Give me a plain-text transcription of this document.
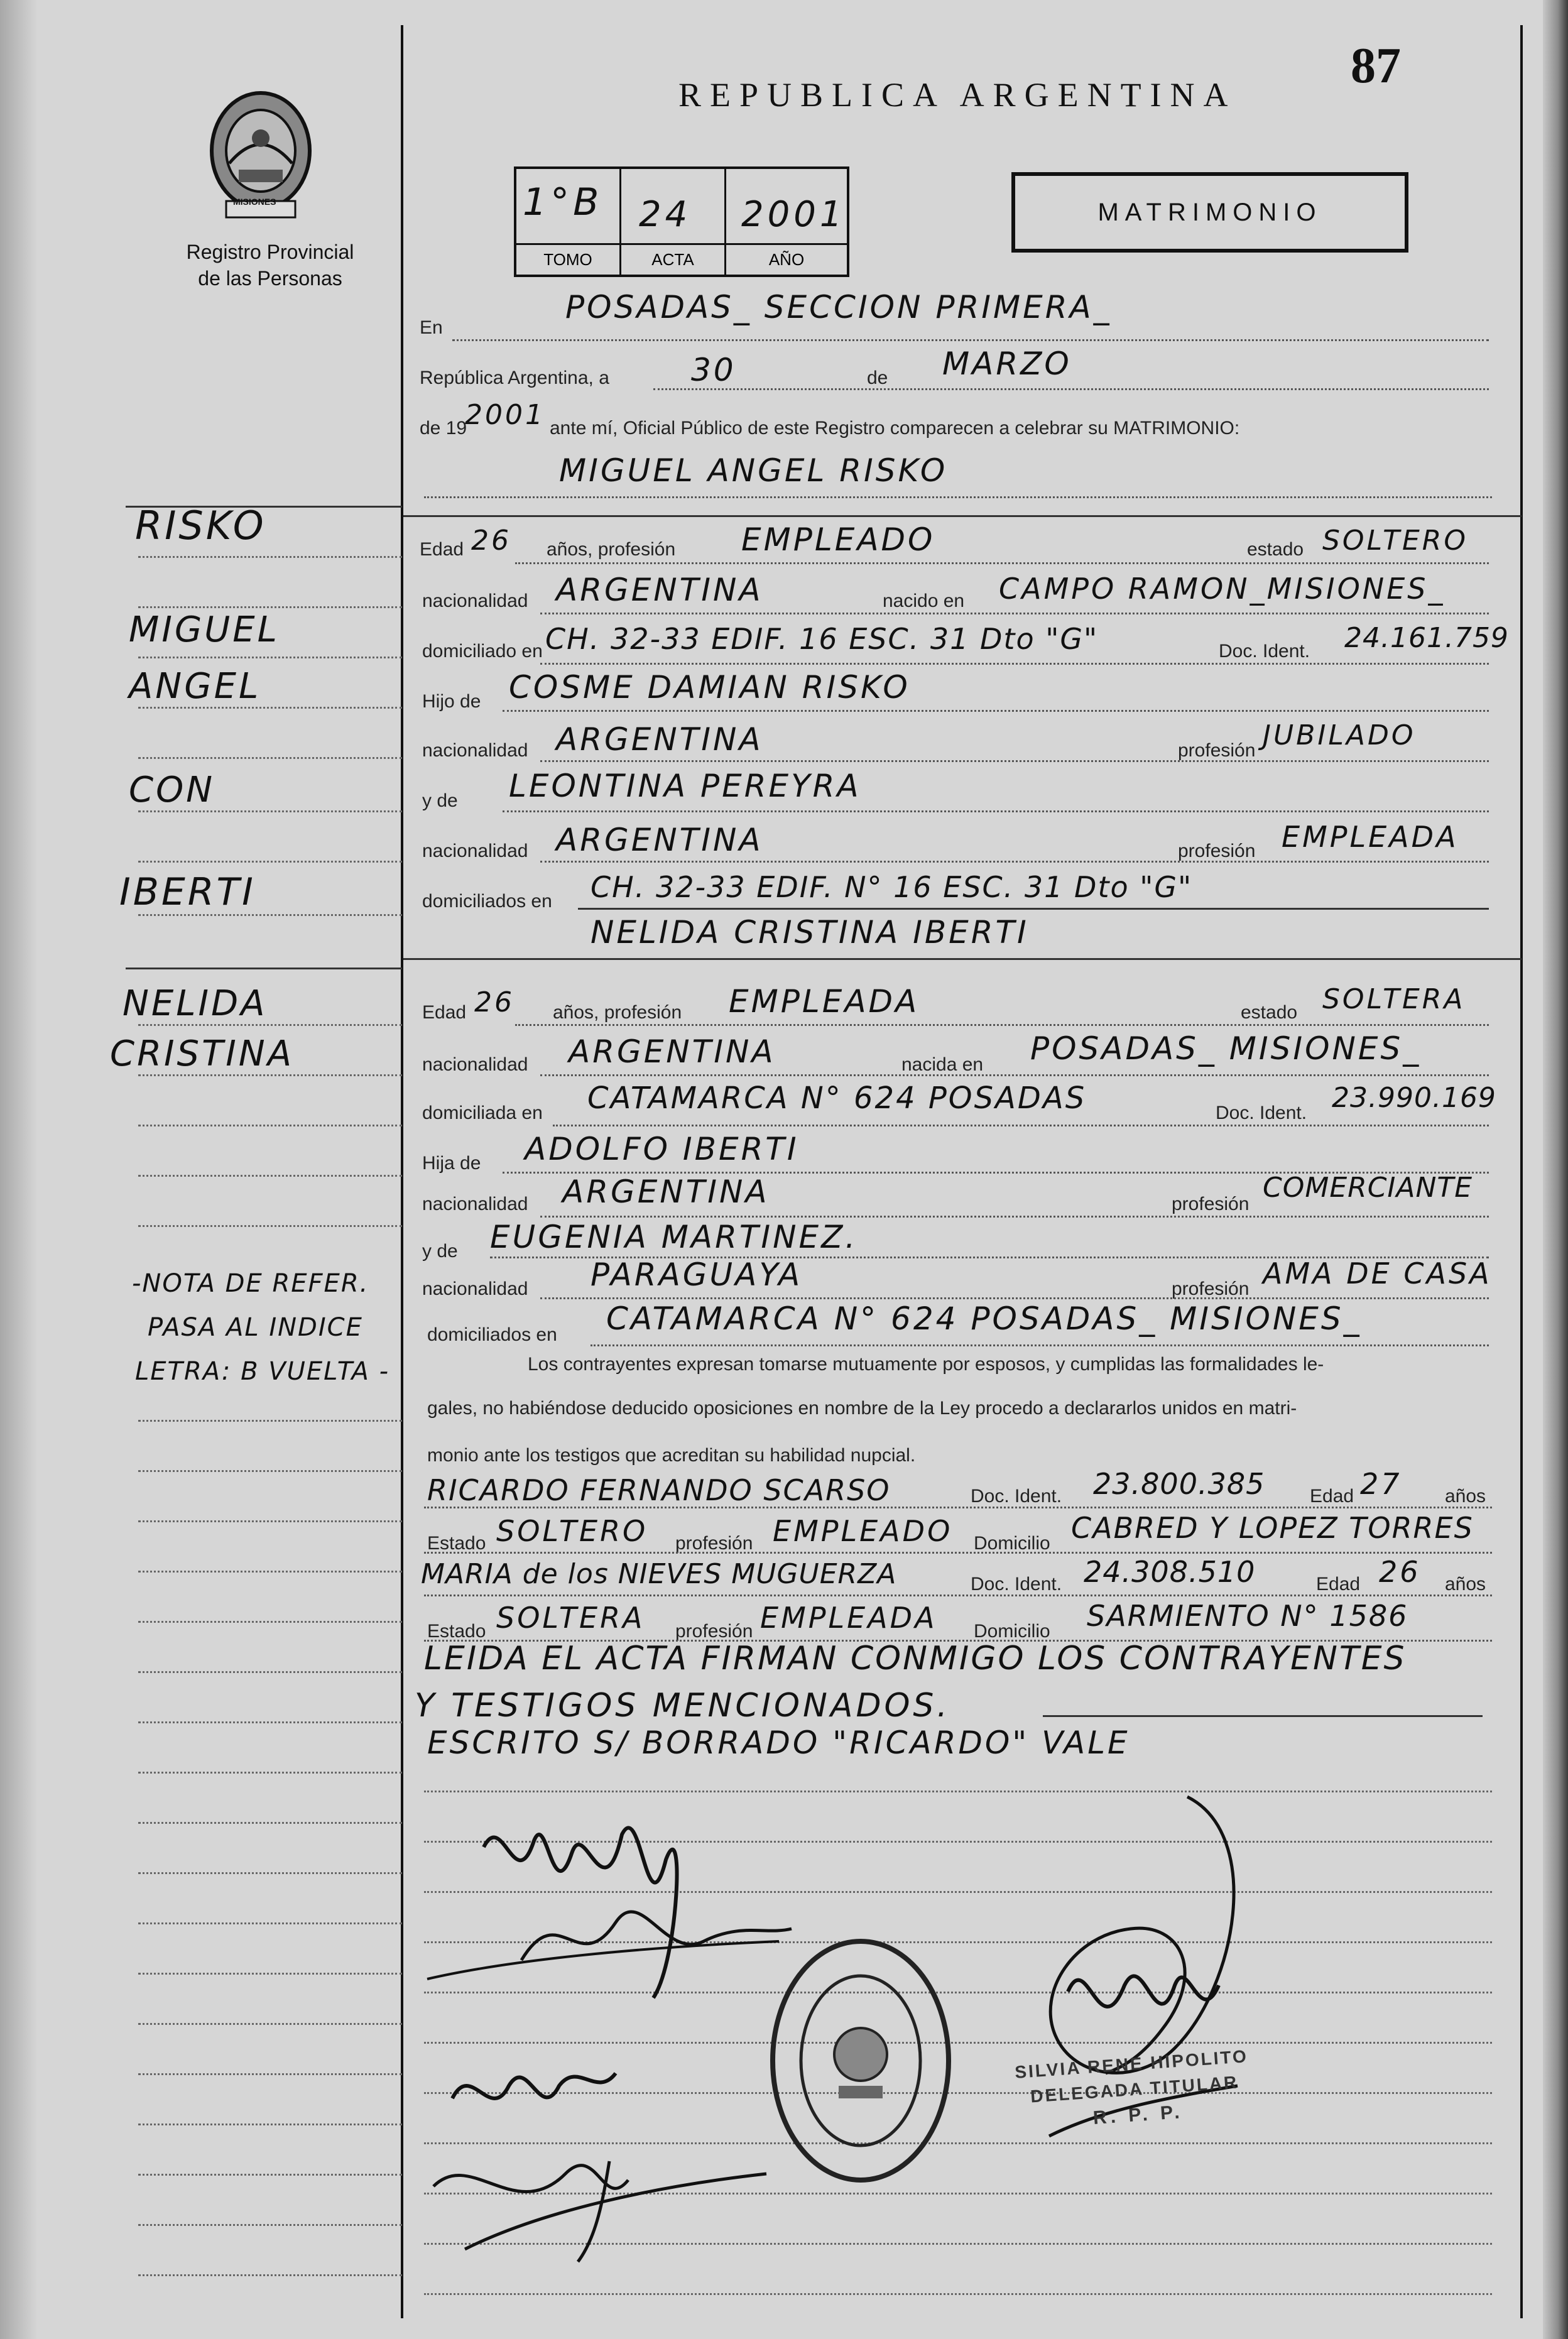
87
REPUBLICA ARGENTINA
MISIONES
Registro Provincial
de las Personas
1°B
TOMO
24
ACTA
2001
AÑO
MATRIMONIO
En
POSADAS_ SECCION PRIMERA_
República Argentina, a	30	de MARZO
de 19
2001 ante mí, Oficial Público de este Registro comparecen a celebrar su MATRIMONIO:
MIGUEL ANGEL RISKO
RISKO
MIGUEL
ANGEL
CON
IBERTI
NELIDA
CRISTINA
-NOTA DE REFER.
PASA AL INDICE
LETRA: B VUELTA -
Edad 26 años, profesión EMPLEADO	estado SOLTERO
nacionalidad ARGENTINA	nacido en CAMPO RAMON_MISIONES_
domiciliado en CH. 32-33 EDIF. 16 ESC. 31 Dto "G"	Doc. Ident. 24.161.759
Hijo de COSME DAMIAN RISKO
nacionalidad ARGENTINA	profesión JUBILADO
y de LEONTINA PEREYRA
nacionalidad ARGENTINA	profesión EMPLEADA
domiciliados en CH. 32-33 EDIF. N° 16 ESC. 31 Dto "G"
NELIDA CRISTINA IBERTI
Edad 26 años, profesión EMPLEADA	estado SOLTERA
nacionalidad ARGENTINA	nacida en POSADAS_ MISIONES_
domiciliada en CATAMARCA N° 624 POSADAS	Doc. Ident. 23.990.169
Hija de ADOLFO IBERTI
nacionalidad ARGENTINA	profesión
COMERCIANTE
y de EUGENIA MARTINEZ.
nacionalidad PARAGUAYA	profesión AMA DE CASA
domiciliados en CATAMARCA N° 624 POSADAS_ MISIONES_
Los contrayentes expresan tomarse mutuamente por esposos, y cumplidas las formalidades le-
gales, no habiéndose deducido oposiciones en nombre de la Ley procedo a declararlos unidos en matri-
monio ante los testigos que acreditan su habilidad nupcial.
RICARDO FERNANDO SCARSO	Doc. Ident. 23.800.385 Edad 27 años
Estado SOLTERO profesión EMPLEADO Domicilio CABRED Y LOPEZ TORRES
MARIA de los NIEVES MUGUERZA	Doc. Ident. 24.308.510	Edad 26 años
Estado SOLTERA profesión EMPLEADA Domicilio SARMIENTO N° 1586
LEIDA EL ACTA FIRMAN CONMIGO LOS CONTRAYENTES
Y TESTIGOS MENCIONADOS.
ESCRITO S/ BORRADO "RICARDO" VALE
SILVIA RENE HIPOLITO
DELEGADA TITULAR
R. P. P.
